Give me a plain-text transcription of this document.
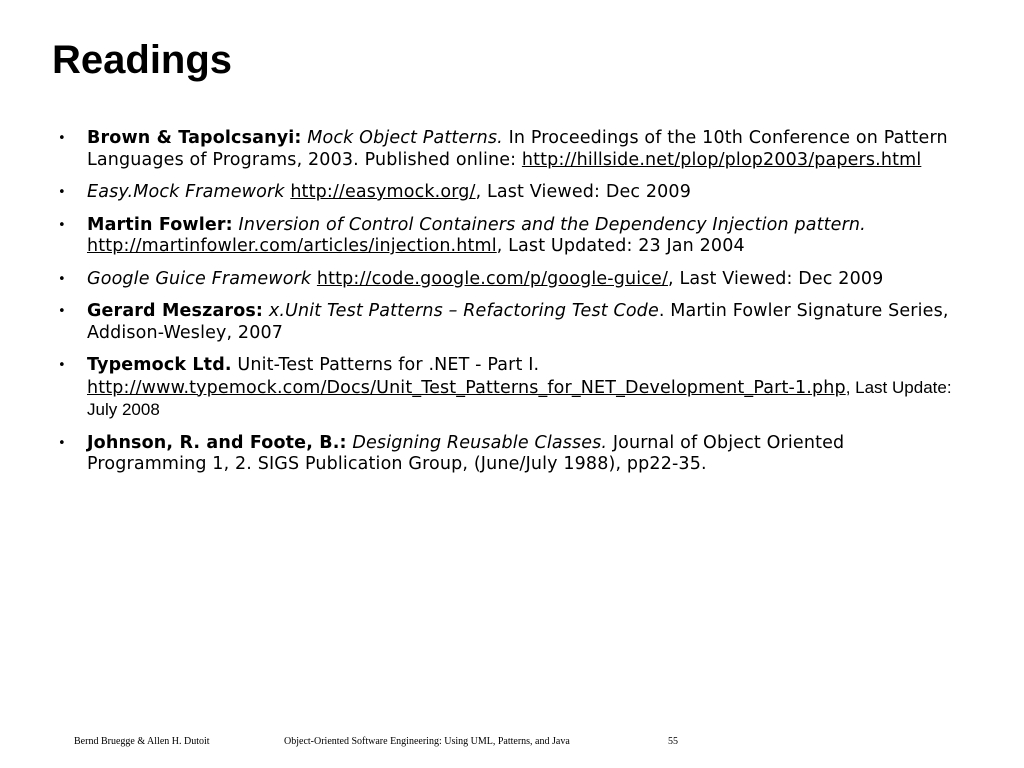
Readings
• Brown & Tapolcsanyi: Mock Object Patterns. In Proceedings of the 10th Conference on Pattern Languages of Programs, 2003. Published online: http://hillside.net/plop/plop2003/papers.html
• Easy.Mock Framework http://easymock.org/, Last Viewed: Dec 2009
• Martin Fowler: Inversion of Control Containers and the Dependency Injection pattern. http://martinfowler.com/articles/injection.html, Last Updated: 23 Jan 2004
• Google Guice Framework http://code.google.com/p/google-guice/, Last Viewed: Dec 2009
• Gerard Meszaros: x.Unit Test Patterns – Refactoring Test Code. Martin Fowler Signature Series, Addison-Wesley, 2007
• Typemock Ltd. Unit-Test Patterns for .NET - Part I.
http://www.typemock.com/Docs/Unit_Test_Patterns_for_NET_Development_Part-1.php, Last Update: July 2008
• Johnson, R. and Foote, B.: Designing Reusable Classes. Journal of Object Oriented Programming 1, 2. SIGS Publication Group, (June/July 1988), pp22-35.
Bernd Bruegge & Allen H. Dutoit	Object-Oriented Software Engineering: Using UML, Patterns, and Java	55
